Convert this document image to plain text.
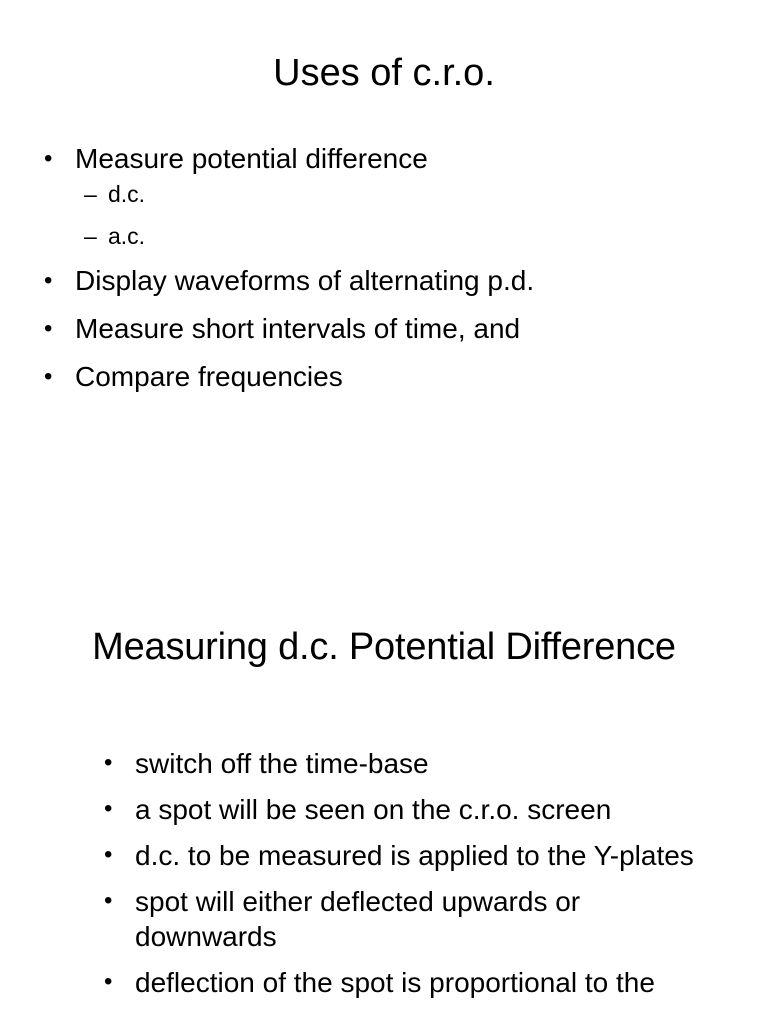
Uses of c.r.o.
• Measure potential difference
– d.c.
– a.c.
• Display waveforms of alternating p.d.
• Measure short intervals of time, and
• Compare frequencies
Measuring d.c. Potential Difference
• switch off the time-base
• a spot will be seen on the c.r.o. screen
• d.c. to be measured is applied to the Y-plates
• spot will either deflected upwards or downwards
• deflection of the spot is proportional to the
